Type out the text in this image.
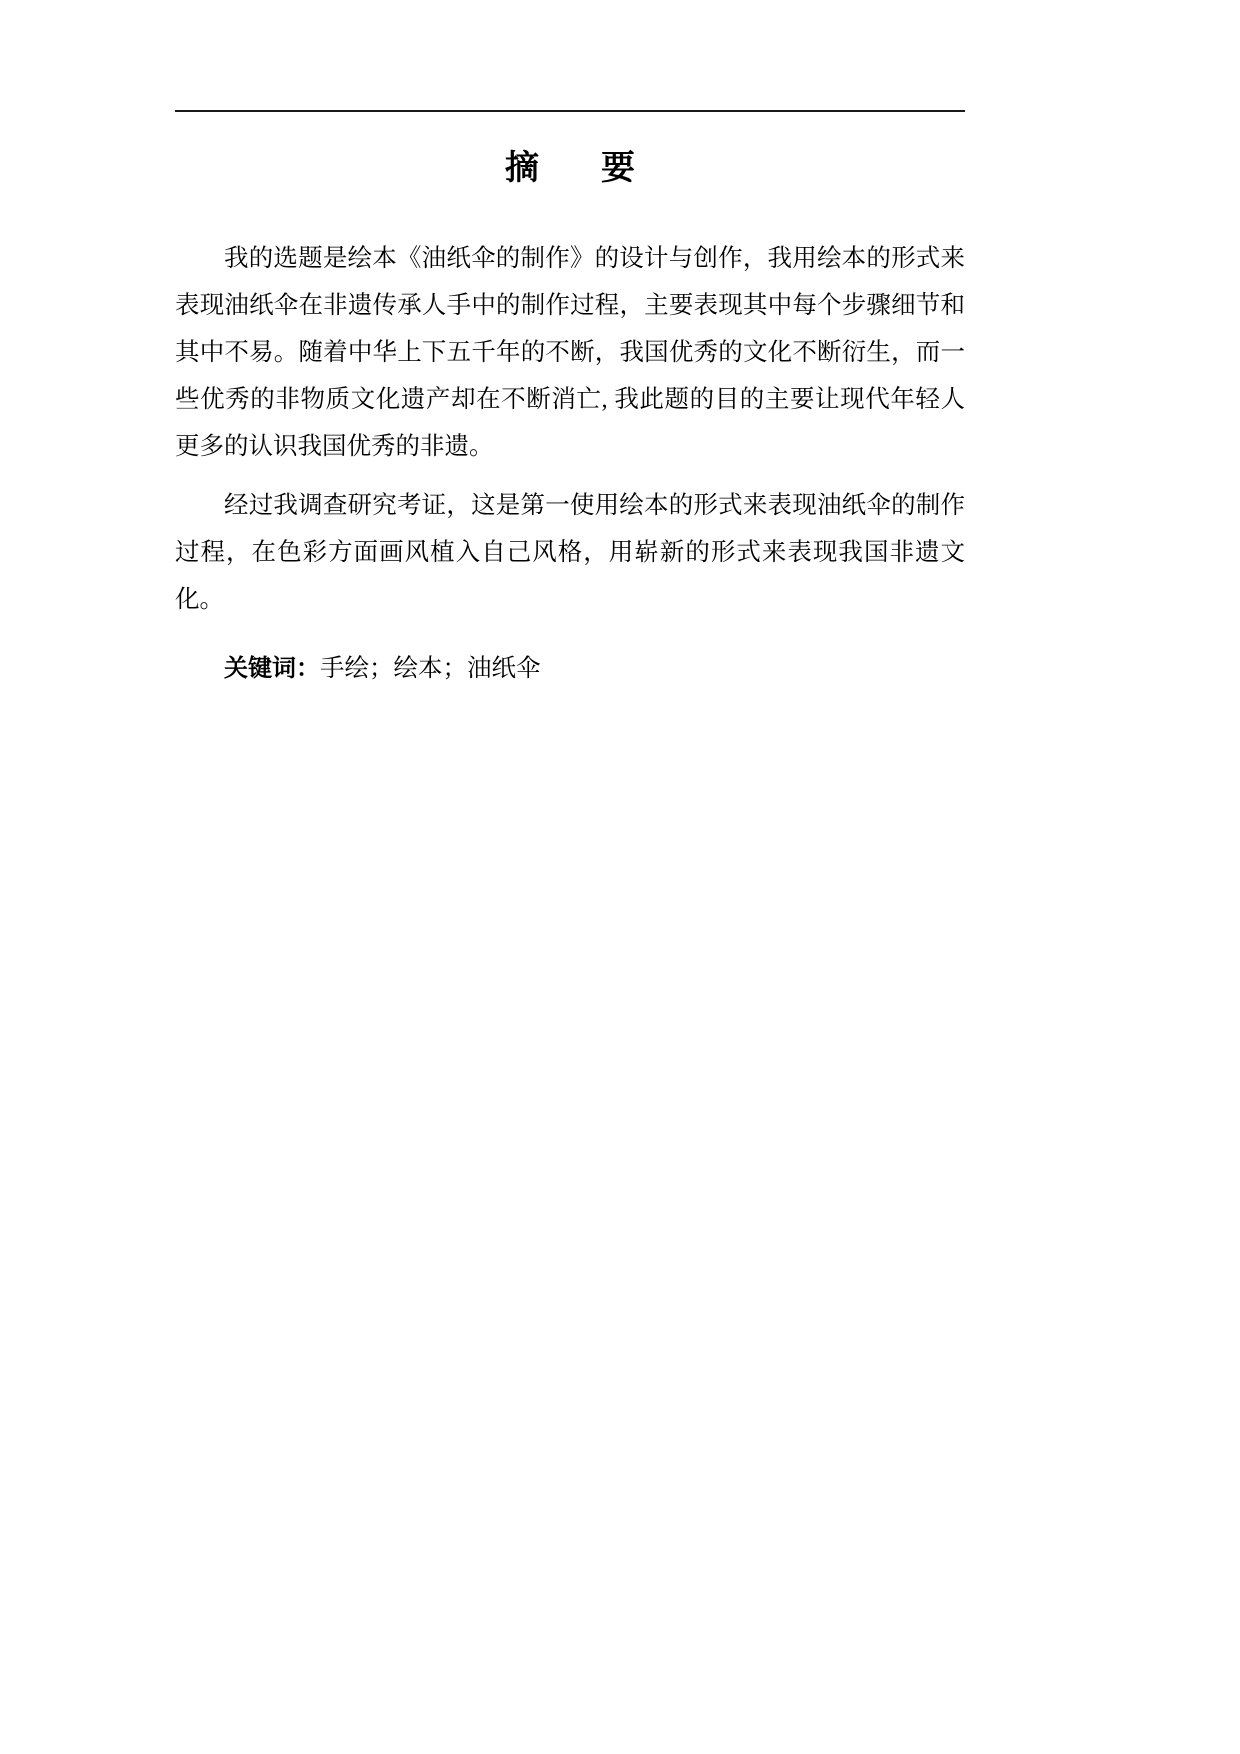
摘　要

我的选题是绘本《油纸伞的制作》的设计与创作，我用绘本的形式来表现油纸伞在非遗传承人手中的制作过程，主要表现其中每个步骤细节和其中不易。随着中华上下五千年的不断，我国优秀的文化不断衍生，而一些优秀的非物质文化遗产却在不断消亡, 我此题的目的主要让现代年轻人更多的认识我国优秀的非遗。

经过我调查研究考证，这是第一使用绘本的形式来表现油纸伞的制作过程，在色彩方面画风植入自己风格，用崭新的形式来表现我国非遗文化。

关键词：手绘；绘本；油纸伞
